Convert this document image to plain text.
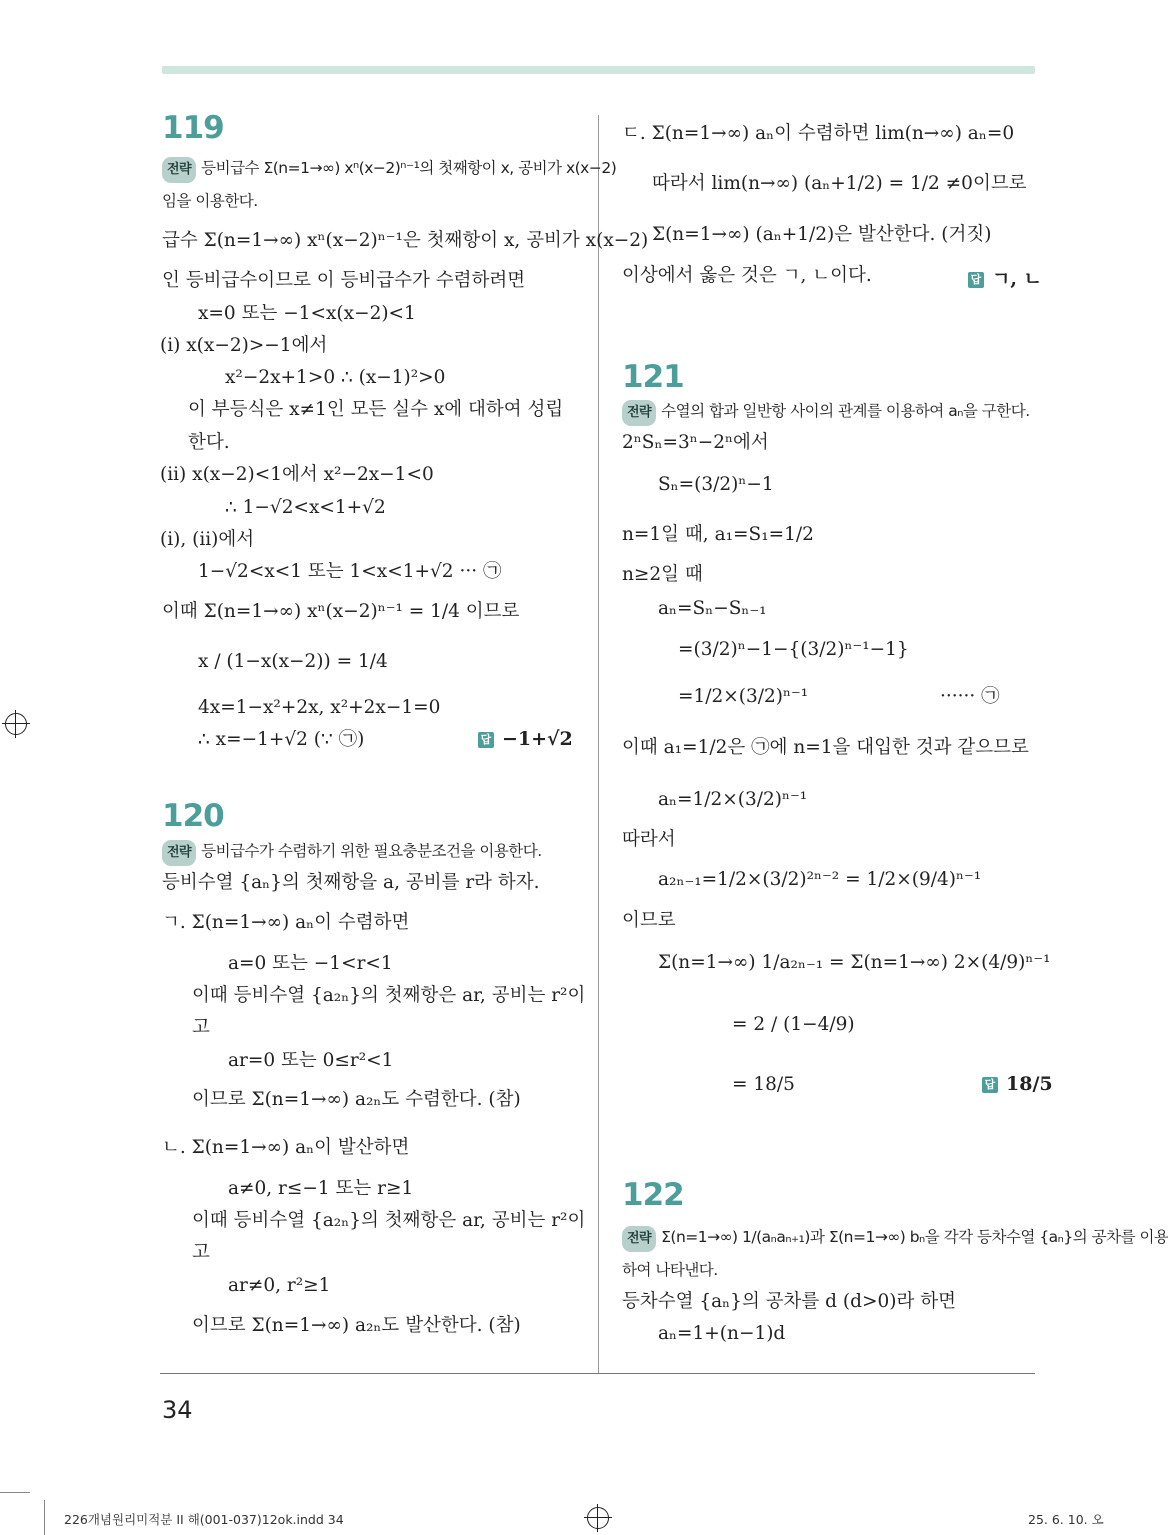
119
전략 등비급수 Σ(n=1→∞) xⁿ(x−2)ⁿ⁻¹의 첫째항이 x, 공비가 x(x−2)
임을 이용한다.
급수 Σ(n=1→∞) xⁿ(x−2)ⁿ⁻¹은 첫째항이 x, 공비가 x(x−2)
인 등비급수이므로 이 등비급수가 수렴하려면
x=0 또는 −1<x(x−2)<1
(i) x(x−2)>−1에서
x²−2x+1>0 ∴ (x−1)²>0
이 부등식은 x≠1인 모든 실수 x에 대하여 성립
한다.
(ii) x(x−2)<1에서 x²−2x−1<0
∴ 1−√2<x<1+√2
(i), (ii)에서
1−√2<x<1 또는 1<x<1+√2 ··· ㉠
이때 Σ(n=1→∞) xⁿ(x−2)ⁿ⁻¹ = 1/4 이므로
x / (1−x(x−2)) = 1/4
4x=1−x²+2x, x²+2x−1=0
∴ x=−1+√2 (∵ ㉠)	답 −1+√2
120
전략 등비급수가 수렴하기 위한 필요충분조건을 이용한다.
등비수열 {aₙ}의 첫째항을 a, 공비를 r라 하자.
ㄱ. Σ(n=1→∞) aₙ이 수렴하면
a=0 또는 −1<r<1
이때 등비수열 {a₂ₙ}의 첫째항은 ar, 공비는 r²이
고
ar=0 또는 0≤r²<1
이므로 Σ(n=1→∞) a₂ₙ도 수렴한다. (참)
ㄴ. Σ(n=1→∞) aₙ이 발산하면
a≠0, r≤−1 또는 r≥1
이때 등비수열 {a₂ₙ}의 첫째항은 ar, 공비는 r²이
고
ar≠0, r²≥1
이므로 Σ(n=1→∞) a₂ₙ도 발산한다. (참)
ㄷ. Σ(n=1→∞) aₙ이 수렴하면 lim(n→∞) aₙ=0
따라서 lim(n→∞) (aₙ+1/2) = 1/2 ≠0이므로
Σ(n=1→∞) (aₙ+1/2)은 발산한다. (거짓)
이상에서 옳은 것은 ㄱ, ㄴ이다.	답 ㄱ, ㄴ
121
전략 수열의 합과 일반항 사이의 관계를 이용하여 aₙ을 구한다.
2ⁿSₙ=3ⁿ−2ⁿ에서
Sₙ=(3/2)ⁿ−1
n=1일 때, a₁=S₁=1/2
n≥2일 때
aₙ=Sₙ−Sₙ₋₁
=(3/2)ⁿ−1−{(3/2)ⁿ⁻¹−1}
=1/2×(3/2)ⁿ⁻¹	······ ㉠
이때 a₁=1/2은 ㉠에 n=1을 대입한 것과 같으므로
aₙ=1/2×(3/2)ⁿ⁻¹
따라서
a₂ₙ₋₁=1/2×(3/2)²ⁿ⁻² = 1/2×(9/4)ⁿ⁻¹
이므로
Σ(n=1→∞) 1/a₂ₙ₋₁ = Σ(n=1→∞) 2×(4/9)ⁿ⁻¹
= 2 / (1−4/9)
= 18/5	답 18/5
122
전략 Σ(n=1→∞) 1/(aₙaₙ₊₁)과 Σ(n=1→∞) bₙ을 각각 등차수열 {aₙ}의 공차를 이용
하여 나타낸다.
등차수열 {aₙ}의 공차를 d (d>0)라 하면
aₙ=1+(n−1)d
34
226개념원리미적분 II 해(001-037)12ok.indd 34	25. 6. 10. 오
